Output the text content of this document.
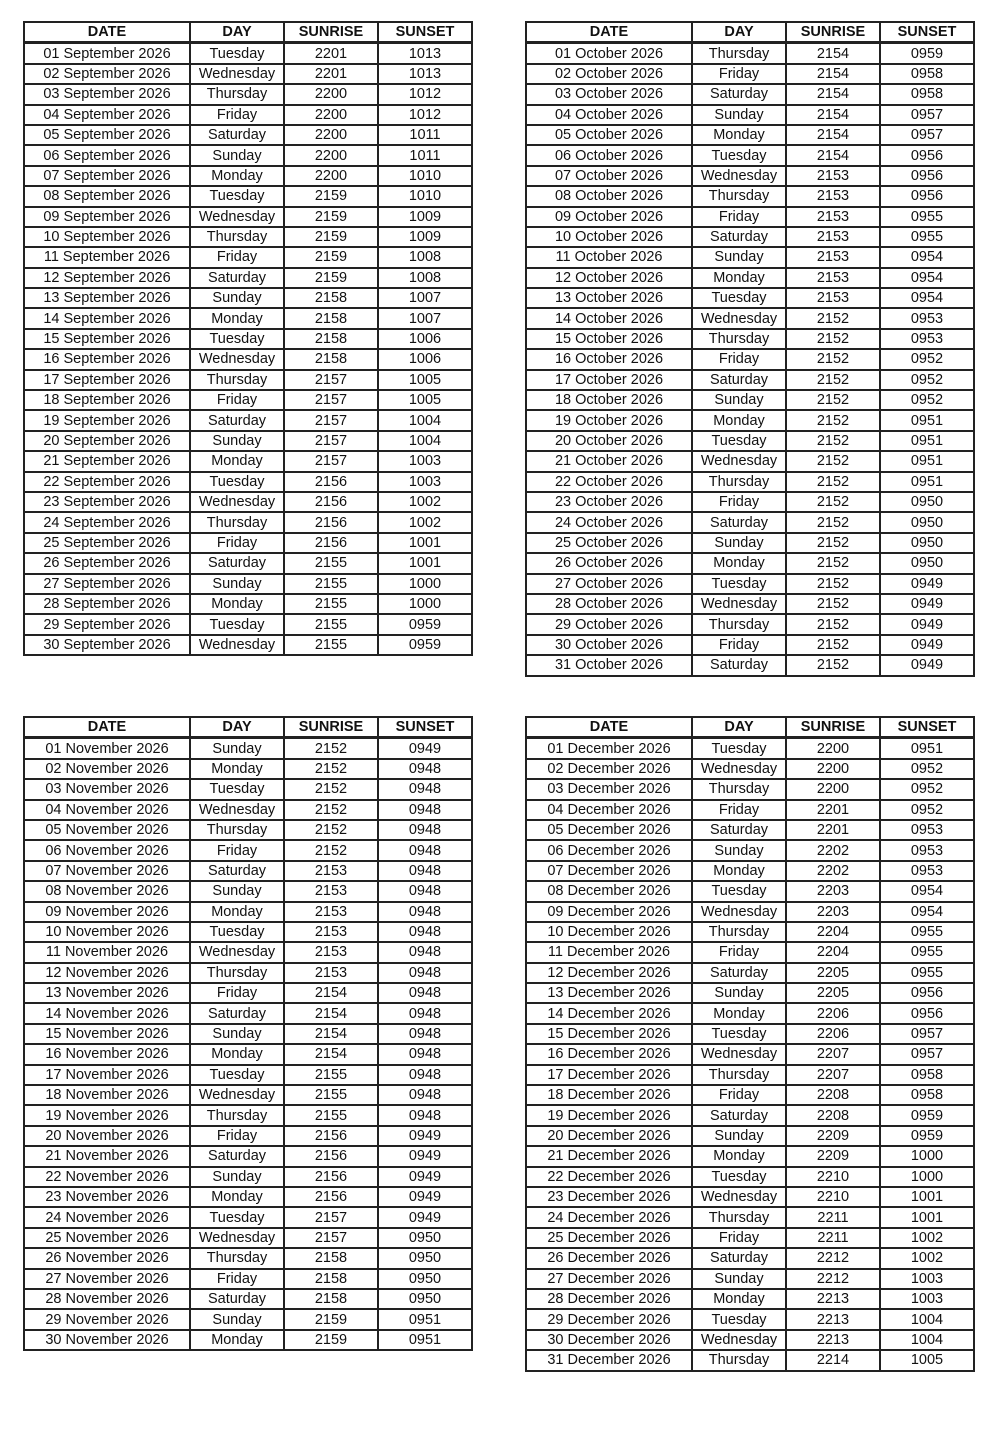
DATE	DAY	SUNRISE	SUNSET
01 September 2026	Tuesday	2201	1013
02 September 2026	Wednesday	2201	1013
03 September 2026	Thursday	2200	1012
04 September 2026	Friday	2200	1012
05 September 2026	Saturday	2200	1011
06 September 2026	Sunday	2200	1011
07 September 2026	Monday	2200	1010
08 September 2026	Tuesday	2159	1010
09 September 2026	Wednesday	2159	1009
10 September 2026	Thursday	2159	1009
11 September 2026	Friday	2159	1008
12 September 2026	Saturday	2159	1008
13 September 2026	Sunday	2158	1007
14 September 2026	Monday	2158	1007
15 September 2026	Tuesday	2158	1006
16 September 2026	Wednesday	2158	1006
17 September 2026	Thursday	2157	1005
18 September 2026	Friday	2157	1005
19 September 2026	Saturday	2157	1004
20 September 2026	Sunday	2157	1004
21 September 2026	Monday	2157	1003
22 September 2026	Tuesday	2156	1003
23 September 2026	Wednesday	2156	1002
24 September 2026	Thursday	2156	1002
25 September 2026	Friday	2156	1001
26 September 2026	Saturday	2155	1001
27 September 2026	Sunday	2155	1000
28 September 2026	Monday	2155	1000
29 September 2026	Tuesday	2155	0959
30 September 2026	Wednesday	2155	0959
DATE	DAY	SUNRISE	SUNSET
01 October 2026	Thursday	2154	0959
02 October 2026	Friday	2154	0958
03 October 2026	Saturday	2154	0958
04 October 2026	Sunday	2154	0957
05 October 2026	Monday	2154	0957
06 October 2026	Tuesday	2154	0956
07 October 2026	Wednesday	2153	0956
08 October 2026	Thursday	2153	0956
09 October 2026	Friday	2153	0955
10 October 2026	Saturday	2153	0955
11 October 2026	Sunday	2153	0954
12 October 2026	Monday	2153	0954
13 October 2026	Tuesday	2153	0954
14 October 2026	Wednesday	2152	0953
15 October 2026	Thursday	2152	0953
16 October 2026	Friday	2152	0952
17 October 2026	Saturday	2152	0952
18 October 2026	Sunday	2152	0952
19 October 2026	Monday	2152	0951
20 October 2026	Tuesday	2152	0951
21 October 2026	Wednesday	2152	0951
22 October 2026	Thursday	2152	0951
23 October 2026	Friday	2152	0950
24 October 2026	Saturday	2152	0950
25 October 2026	Sunday	2152	0950
26 October 2026	Monday	2152	0950
27 October 2026	Tuesday	2152	0949
28 October 2026	Wednesday	2152	0949
29 October 2026	Thursday	2152	0949
30 October 2026	Friday	2152	0949
31 October 2026	Saturday	2152	0949
DATE	DAY	SUNRISE	SUNSET
01 November 2026	Sunday	2152	0949
02 November 2026	Monday	2152	0948
03 November 2026	Tuesday	2152	0948
04 November 2026	Wednesday	2152	0948
05 November 2026	Thursday	2152	0948
06 November 2026	Friday	2152	0948
07 November 2026	Saturday	2153	0948
08 November 2026	Sunday	2153	0948
09 November 2026	Monday	2153	0948
10 November 2026	Tuesday	2153	0948
11 November 2026	Wednesday	2153	0948
12 November 2026	Thursday	2153	0948
13 November 2026	Friday	2154	0948
14 November 2026	Saturday	2154	0948
15 November 2026	Sunday	2154	0948
16 November 2026	Monday	2154	0948
17 November 2026	Tuesday	2155	0948
18 November 2026	Wednesday	2155	0948
19 November 2026	Thursday	2155	0948
20 November 2026	Friday	2156	0949
21 November 2026	Saturday	2156	0949
22 November 2026	Sunday	2156	0949
23 November 2026	Monday	2156	0949
24 November 2026	Tuesday	2157	0949
25 November 2026	Wednesday	2157	0950
26 November 2026	Thursday	2158	0950
27 November 2026	Friday	2158	0950
28 November 2026	Saturday	2158	0950
29 November 2026	Sunday	2159	0951
30 November 2026	Monday	2159	0951
DATE	DAY	SUNRISE	SUNSET
01 December 2026	Tuesday	2200	0951
02 December 2026	Wednesday	2200	0952
03 December 2026	Thursday	2200	0952
04 December 2026	Friday	2201	0952
05 December 2026	Saturday	2201	0953
06 December 2026	Sunday	2202	0953
07 December 2026	Monday	2202	0953
08 December 2026	Tuesday	2203	0954
09 December 2026	Wednesday	2203	0954
10 December 2026	Thursday	2204	0955
11 December 2026	Friday	2204	0955
12 December 2026	Saturday	2205	0955
13 December 2026	Sunday	2205	0956
14 December 2026	Monday	2206	0956
15 December 2026	Tuesday	2206	0957
16 December 2026	Wednesday	2207	0957
17 December 2026	Thursday	2207	0958
18 December 2026	Friday	2208	0958
19 December 2026	Saturday	2208	0959
20 December 2026	Sunday	2209	0959
21 December 2026	Monday	2209	1000
22 December 2026	Tuesday	2210	1000
23 December 2026	Wednesday	2210	1001
24 December 2026	Thursday	2211	1001
25 December 2026	Friday	2211	1002
26 December 2026	Saturday	2212	1002
27 December 2026	Sunday	2212	1003
28 December 2026	Monday	2213	1003
29 December 2026	Tuesday	2213	1004
30 December 2026	Wednesday	2213	1004
31 December 2026	Thursday	2214	1005
